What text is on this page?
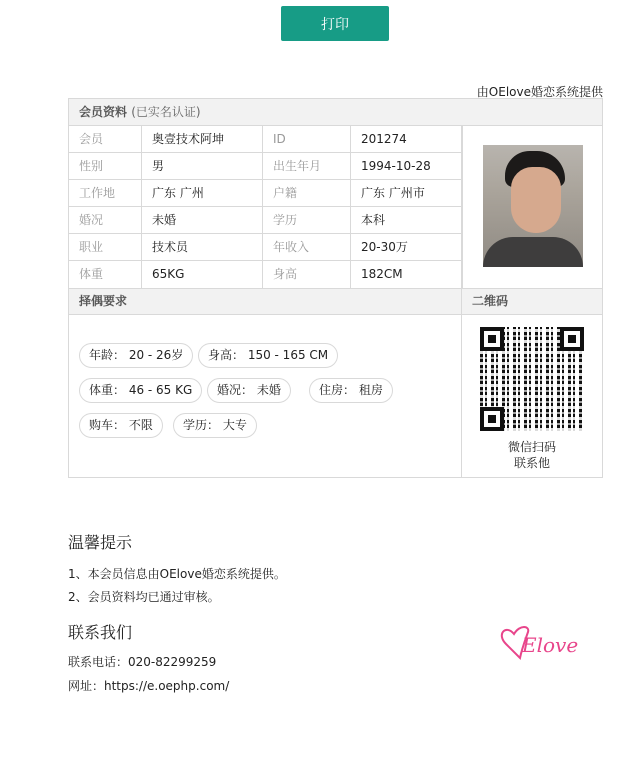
打印
由OElove婚恋系统提供
会员资料 (已实名认证)
会员	奥壹技术阿坤	ID	201274
性别	男	出生年月	1994-10-28
工作地	广东 广州	户籍	广东 广州市
婚况	未婚	学历	本科
职业	技术员	年收入	20-30万
体重	65KG	身高	182CM
择偶要求	二维码
年龄： 20 - 26岁	身高： 150 - 165 CM
体重： 46 - 65 KG	婚况： 未婚	住房： 租房
购车： 不限	学历： 大专
微信扫码
联系他
温馨提示
1、本会员信息由OElove婚恋系统提供。
2、会员资料均已通过审核。
联系我们
联系电话：020-82299259
网址：https://e.oephp.com/
Elove
